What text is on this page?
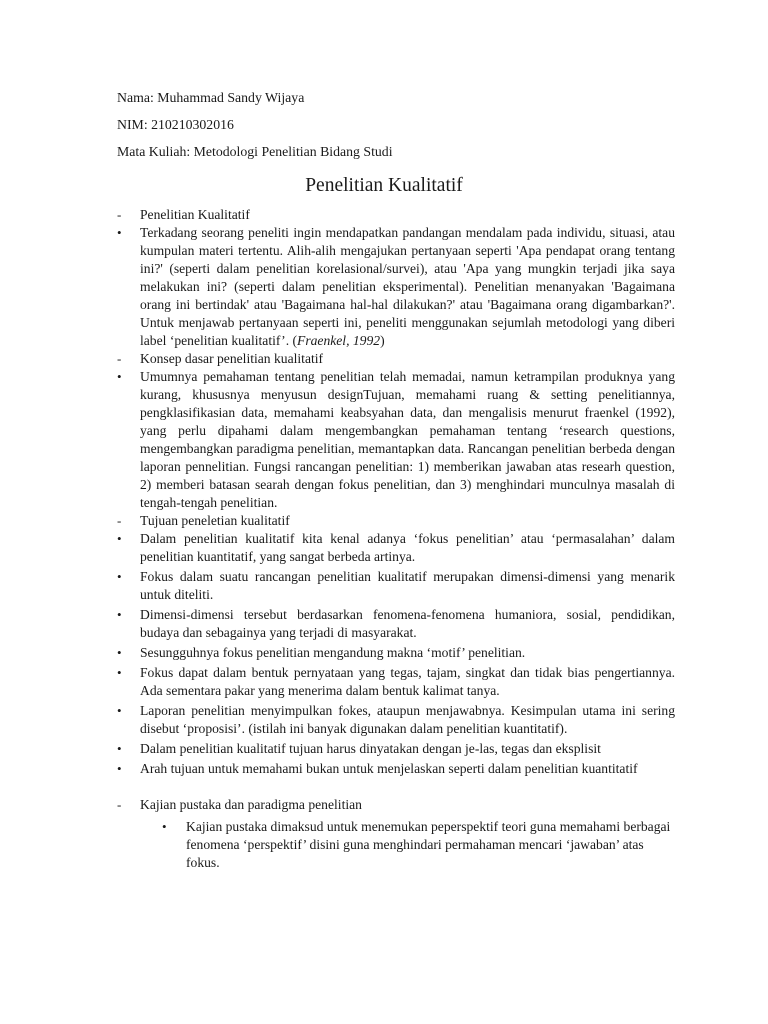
Nama: Muhammad Sandy Wijaya
NIM: 210210302016
Mata Kuliah: Metodologi Penelitian Bidang Studi
Penelitian Kualitatif
-	Penelitian Kualitatif
•	Terkadang seorang peneliti ingin mendapatkan pandangan mendalam pada individu, situasi, atau kumpulan materi tertentu. Alih-alih mengajukan pertanyaan seperti 'Apa pendapat orang tentang ini?' (seperti dalam penelitian korelasional/survei), atau 'Apa yang mungkin terjadi jika saya melakukan ini? (seperti dalam penelitian eksperimental). Penelitian menanyakan 'Bagaimana orang ini bertindak' atau 'Bagaimana hal-hal dilakukan?' atau 'Bagaimana orang digambarkan?'. Untuk menjawab pertanyaan seperti ini, peneliti menggunakan sejumlah metodologi yang diberi label ‘penelitian kualitatif’. (Fraenkel, 1992)
-	Konsep dasar penelitian kualitatif
•	Umumnya pemahaman tentang penelitian telah memadai, namun ketrampilan produknya yang kurang, khususnya menyusun designTujuan, memahami ruang & setting penelitiannya, pengklasifikasian data, memahami keabsyahan data, dan mengalisis menurut fraenkel (1992), yang perlu dipahami dalam mengembangkan pemahaman tentang ‘research questions, mengembangkan paradigma penelitian, memantapkan data. Rancangan penelitian berbeda dengan laporan pennelitian. Fungsi rancangan penelitian: 1) memberikan jawaban atas researh question, 2) memberi batasan searah dengan fokus penelitian, dan 3) menghindari munculnya masalah di tengah-tengah penelitian.
-	Tujuan peneletian kualitatif
•	Dalam penelitian kualitatif kita kenal adanya ‘fokus penelitian’ atau ‘permasalahan’ dalam penelitian kuantitatif, yang sangat berbeda artinya.
•	Fokus dalam suatu rancangan penelitian kualitatif merupakan dimensi-dimensi yang menarik untuk diteliti.
•	Dimensi-dimensi tersebut berdasarkan fenomena-fenomena humaniora, sosial, pendidikan, budaya dan sebagainya yang terjadi di masyarakat.
•	Sesungguhnya fokus penelitian mengandung makna ‘motif’ penelitian.
•	Fokus dapat dalam bentuk pernyataan yang tegas, tajam, singkat dan tidak bias pengertiannya. Ada sementara pakar yang menerima dalam bentuk kalimat tanya.
•	Laporan penelitian menyimpulkan fokes, ataupun menjawabnya. Kesimpulan utama ini sering disebut ‘proposisi’. (istilah ini banyak digunakan dalam penelitian kuantitatif).
•	Dalam penelitian kualitatif tujuan harus dinyatakan dengan je-las, tegas dan eksplisit
•	Arah tujuan untuk memahami bukan untuk menjelaskan seperti dalam penelitian kuantitatif
-	Kajian pustaka dan paradigma penelitian
•	Kajian pustaka dimaksud untuk menemukan peperspektif teori guna memahami berbagai fenomena ‘perspektif’ disini guna menghindari permahaman mencari ‘jawaban’ atas fokus.
